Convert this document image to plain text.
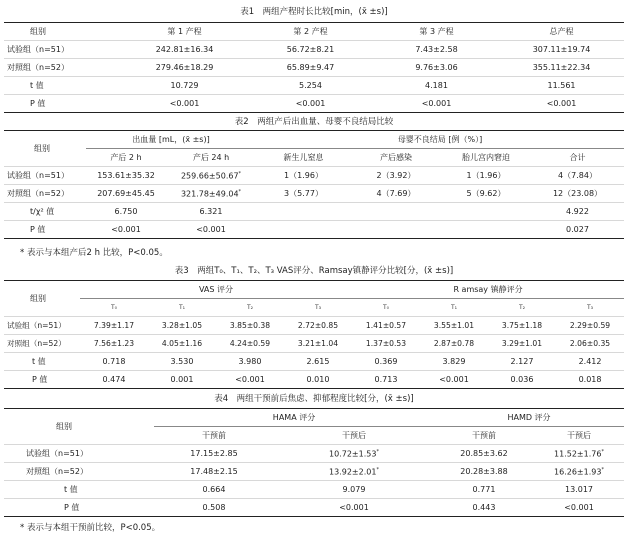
表1　两组产程时长比较[min，(x̄ ±s)]
组别	第 1 产程	第 2 产程	第 3 产程	总产程
试验组（n=51）	242.81±16.34	56.72±8.21	7.43±2.58	307.11±19.74
对照组（n=52）	279.46±18.29	65.89±9.47	9.76±3.06	355.11±22.34
t 值	10.729	5.254	4.181	11.561
P 值	<0.001	<0.001	<0.001	<0.001
表2　两组产后出血量、母婴不良结局比较
组别	出血量 [mL，(x̄ ±s)]		母婴不良结局 [例（%）]			
	产后 2 h	产后 24 h	新生儿窒息	产后感染	胎儿宫内窘迫	合计
试验组（n=51）	153.61±35.32	259.66±50.67*	1（1.96）	2（3.92）	1（1.96）	4（7.84）
对照组（n=52）	207.69±45.45	321.78±49.04*	3（5.77）	4（7.69）	5（9.62）	12（23.08）
t/χ² 值	6.750	6.321				4.922
P 值	<0.001	<0.001				0.027
* 表示与本组产后2 h 比较，P<0.05。
表3　两组T₀、T₁、T₂、T₃ VAS评分、Ramsay镇静评分比较[分，(x̄ ±s)]
组别	VAS 评分				R amsay 镇静评分			
	T₀	T₁	T₂	T₃	T₀	T₁	T₂	T₃
试验组（n=51）	7.39±1.17	3.28±1.05	3.85±0.38	2.72±0.85	1.41±0.57	3.55±1.01	3.75±1.18	2.29±0.59
对照组（n=52）	7.56±1.23	4.05±1.16	4.24±0.59	3.21±1.04	1.37±0.53	2.87±0.78	3.29±1.01	2.06±0.35
t 值	0.718	3.530	3.980	2.615	0.369	3.829	2.127	2.412
P 值	0.474	0.001	<0.001	0.010	0.713	<0.001	0.036	0.018
表4　两组干预前后焦虑、抑郁程度比较[分，(x̄ ±s)]
组别	HAMA 评分		HAMD 评分	
	干预前	干预后	干预前	干预后
试验组（n=51）	17.15±2.85	10.72±1.53*	20.85±3.62	11.52±1.76*
对照组（n=52）	17.48±2.15	13.92±2.01*	20.28±3.88	16.26±1.93*
t 值	0.664	9.079	0.771	13.017
P 值	0.508	<0.001	0.443	<0.001
* 表示与本组干预前比较，P<0.05。
